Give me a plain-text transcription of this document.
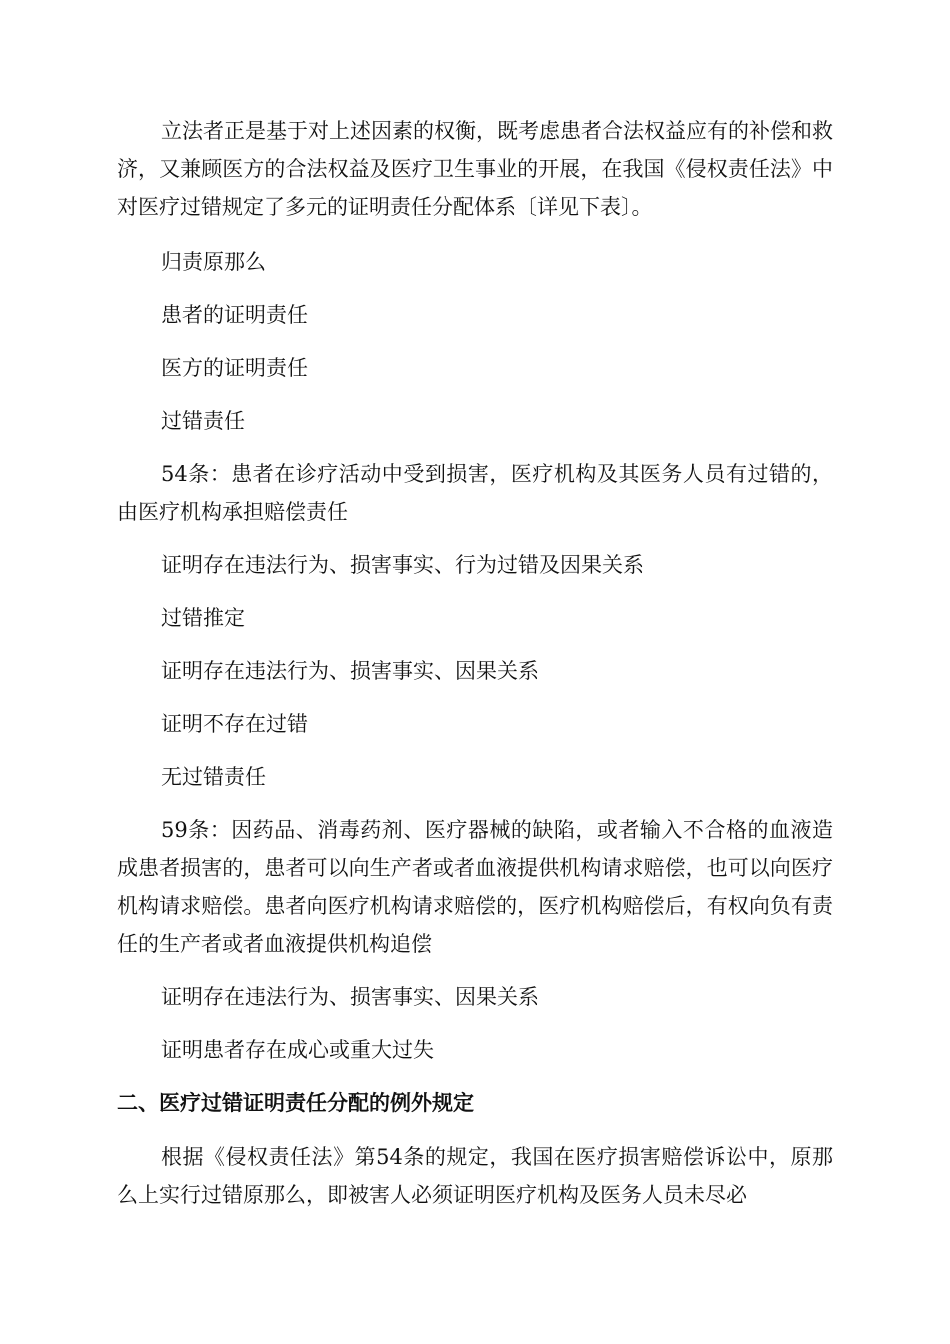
立法者正是基于对上述因素的权衡，既考虑患者合法权益应有的补偿和救济，又兼顾医方的合法权益及医疗卫生事业的开展，在我国《侵权责任法》中对医疗过错规定了多元的证明责任分配体系〔详见下表〕。

归责原那么

患者的证明责任

医方的证明责任

过错责任

54条：患者在诊疗活动中受到损害，医疗机构及其医务人员有过错的，由医疗机构承担赔偿责任

证明存在违法行为、损害事实、行为过错及因果关系

过错推定

证明存在违法行为、损害事实、因果关系

证明不存在过错

无过错责任

59条：因药品、消毒药剂、医疗器械的缺陷，或者输入不合格的血液造成患者损害的，患者可以向生产者或者血液提供机构请求赔偿，也可以向医疗机构请求赔偿。患者向医疗机构请求赔偿的，医疗机构赔偿后，有权向负有责任的生产者或者血液提供机构追偿

证明存在违法行为、损害事实、因果关系

证明患者存在成心或重大过失

二、医疗过错证明责任分配的例外规定

根据《侵权责任法》第54条的规定，我国在医疗损害赔偿诉讼中，原那么上实行过错原那么，即被害人必须证明医疗机构及医务人员未尽必
